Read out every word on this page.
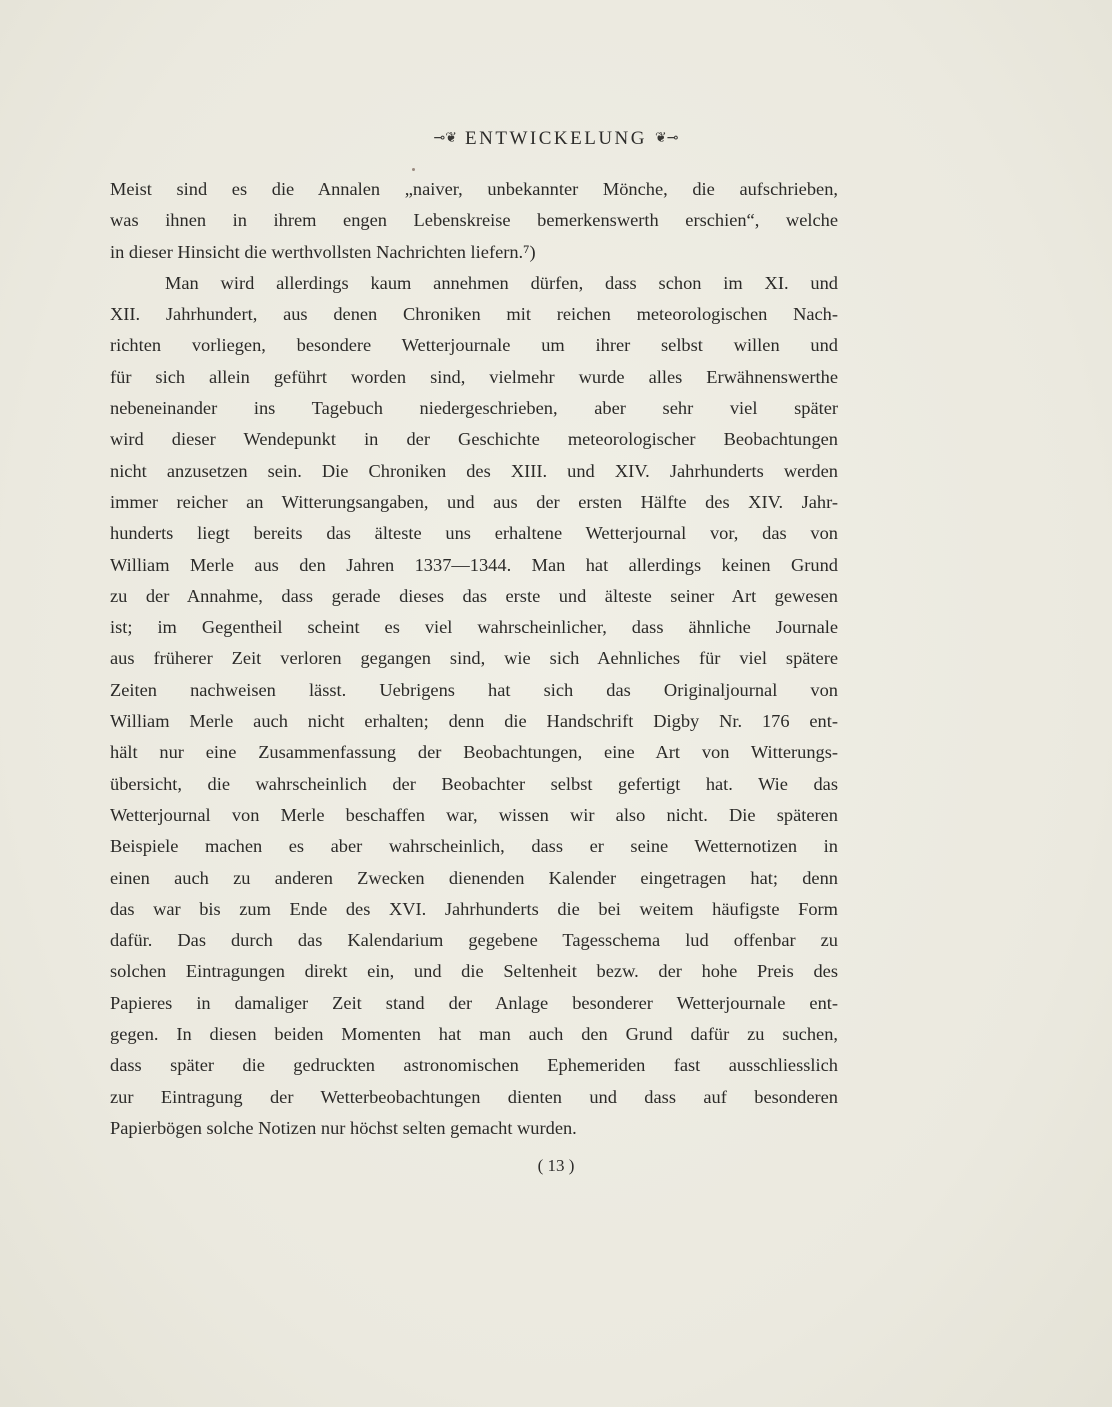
⊸❦ ENTWICKELUNG ❦⊸
Meist sind es die Annalen „naiver, unbekannter Mönche, die aufschrieben,
was ihnen in ihrem engen Lebenskreise bemerkenswerth erschien“, welche
in dieser Hinsicht die werthvollsten Nachrichten liefern.⁷)
Man wird allerdings kaum annehmen dürfen, dass schon im XI. und
XII. Jahrhundert, aus denen Chroniken mit reichen meteorologischen Nach-
richten vorliegen, besondere Wetterjournale um ihrer selbst willen und
für sich allein geführt worden sind, vielmehr wurde alles Erwähnenswerthe
nebeneinander ins Tagebuch niedergeschrieben, aber sehr viel später
wird dieser Wendepunkt in der Geschichte meteorologischer Beobachtungen
nicht anzusetzen sein. Die Chroniken des XIII. und XIV. Jahrhunderts werden
immer reicher an Witterungsangaben, und aus der ersten Hälfte des XIV. Jahr-
hunderts liegt bereits das älteste uns erhaltene Wetterjournal vor, das von
William Merle aus den Jahren 1337—1344. Man hat allerdings keinen Grund
zu der Annahme, dass gerade dieses das erste und älteste seiner Art gewesen
ist; im Gegentheil scheint es viel wahrscheinlicher, dass ähnliche Journale
aus früherer Zeit verloren gegangen sind, wie sich Aehnliches für viel spätere
Zeiten nachweisen lässt. Uebrigens hat sich das Originaljournal von
William Merle auch nicht erhalten; denn die Handschrift Digby Nr. 176 ent-
hält nur eine Zusammenfassung der Beobachtungen, eine Art von Witterungs-
übersicht, die wahrscheinlich der Beobachter selbst gefertigt hat. Wie das
Wetterjournal von Merle beschaffen war, wissen wir also nicht. Die späteren
Beispiele machen es aber wahrscheinlich, dass er seine Wetternotizen in
einen auch zu anderen Zwecken dienenden Kalender eingetragen hat; denn
das war bis zum Ende des XVI. Jahrhunderts die bei weitem häufigste Form
dafür. Das durch das Kalendarium gegebene Tagesschema lud offenbar zu
solchen Eintragungen direkt ein, und die Seltenheit bezw. der hohe Preis des
Papieres in damaliger Zeit stand der Anlage besonderer Wetterjournale ent-
gegen. In diesen beiden Momenten hat man auch den Grund dafür zu suchen,
dass später die gedruckten astronomischen Ephemeriden fast ausschliesslich
zur Eintragung der Wetterbeobachtungen dienten und dass auf besonderen
Papierbögen solche Notizen nur höchst selten gemacht wurden.
( 13 )
